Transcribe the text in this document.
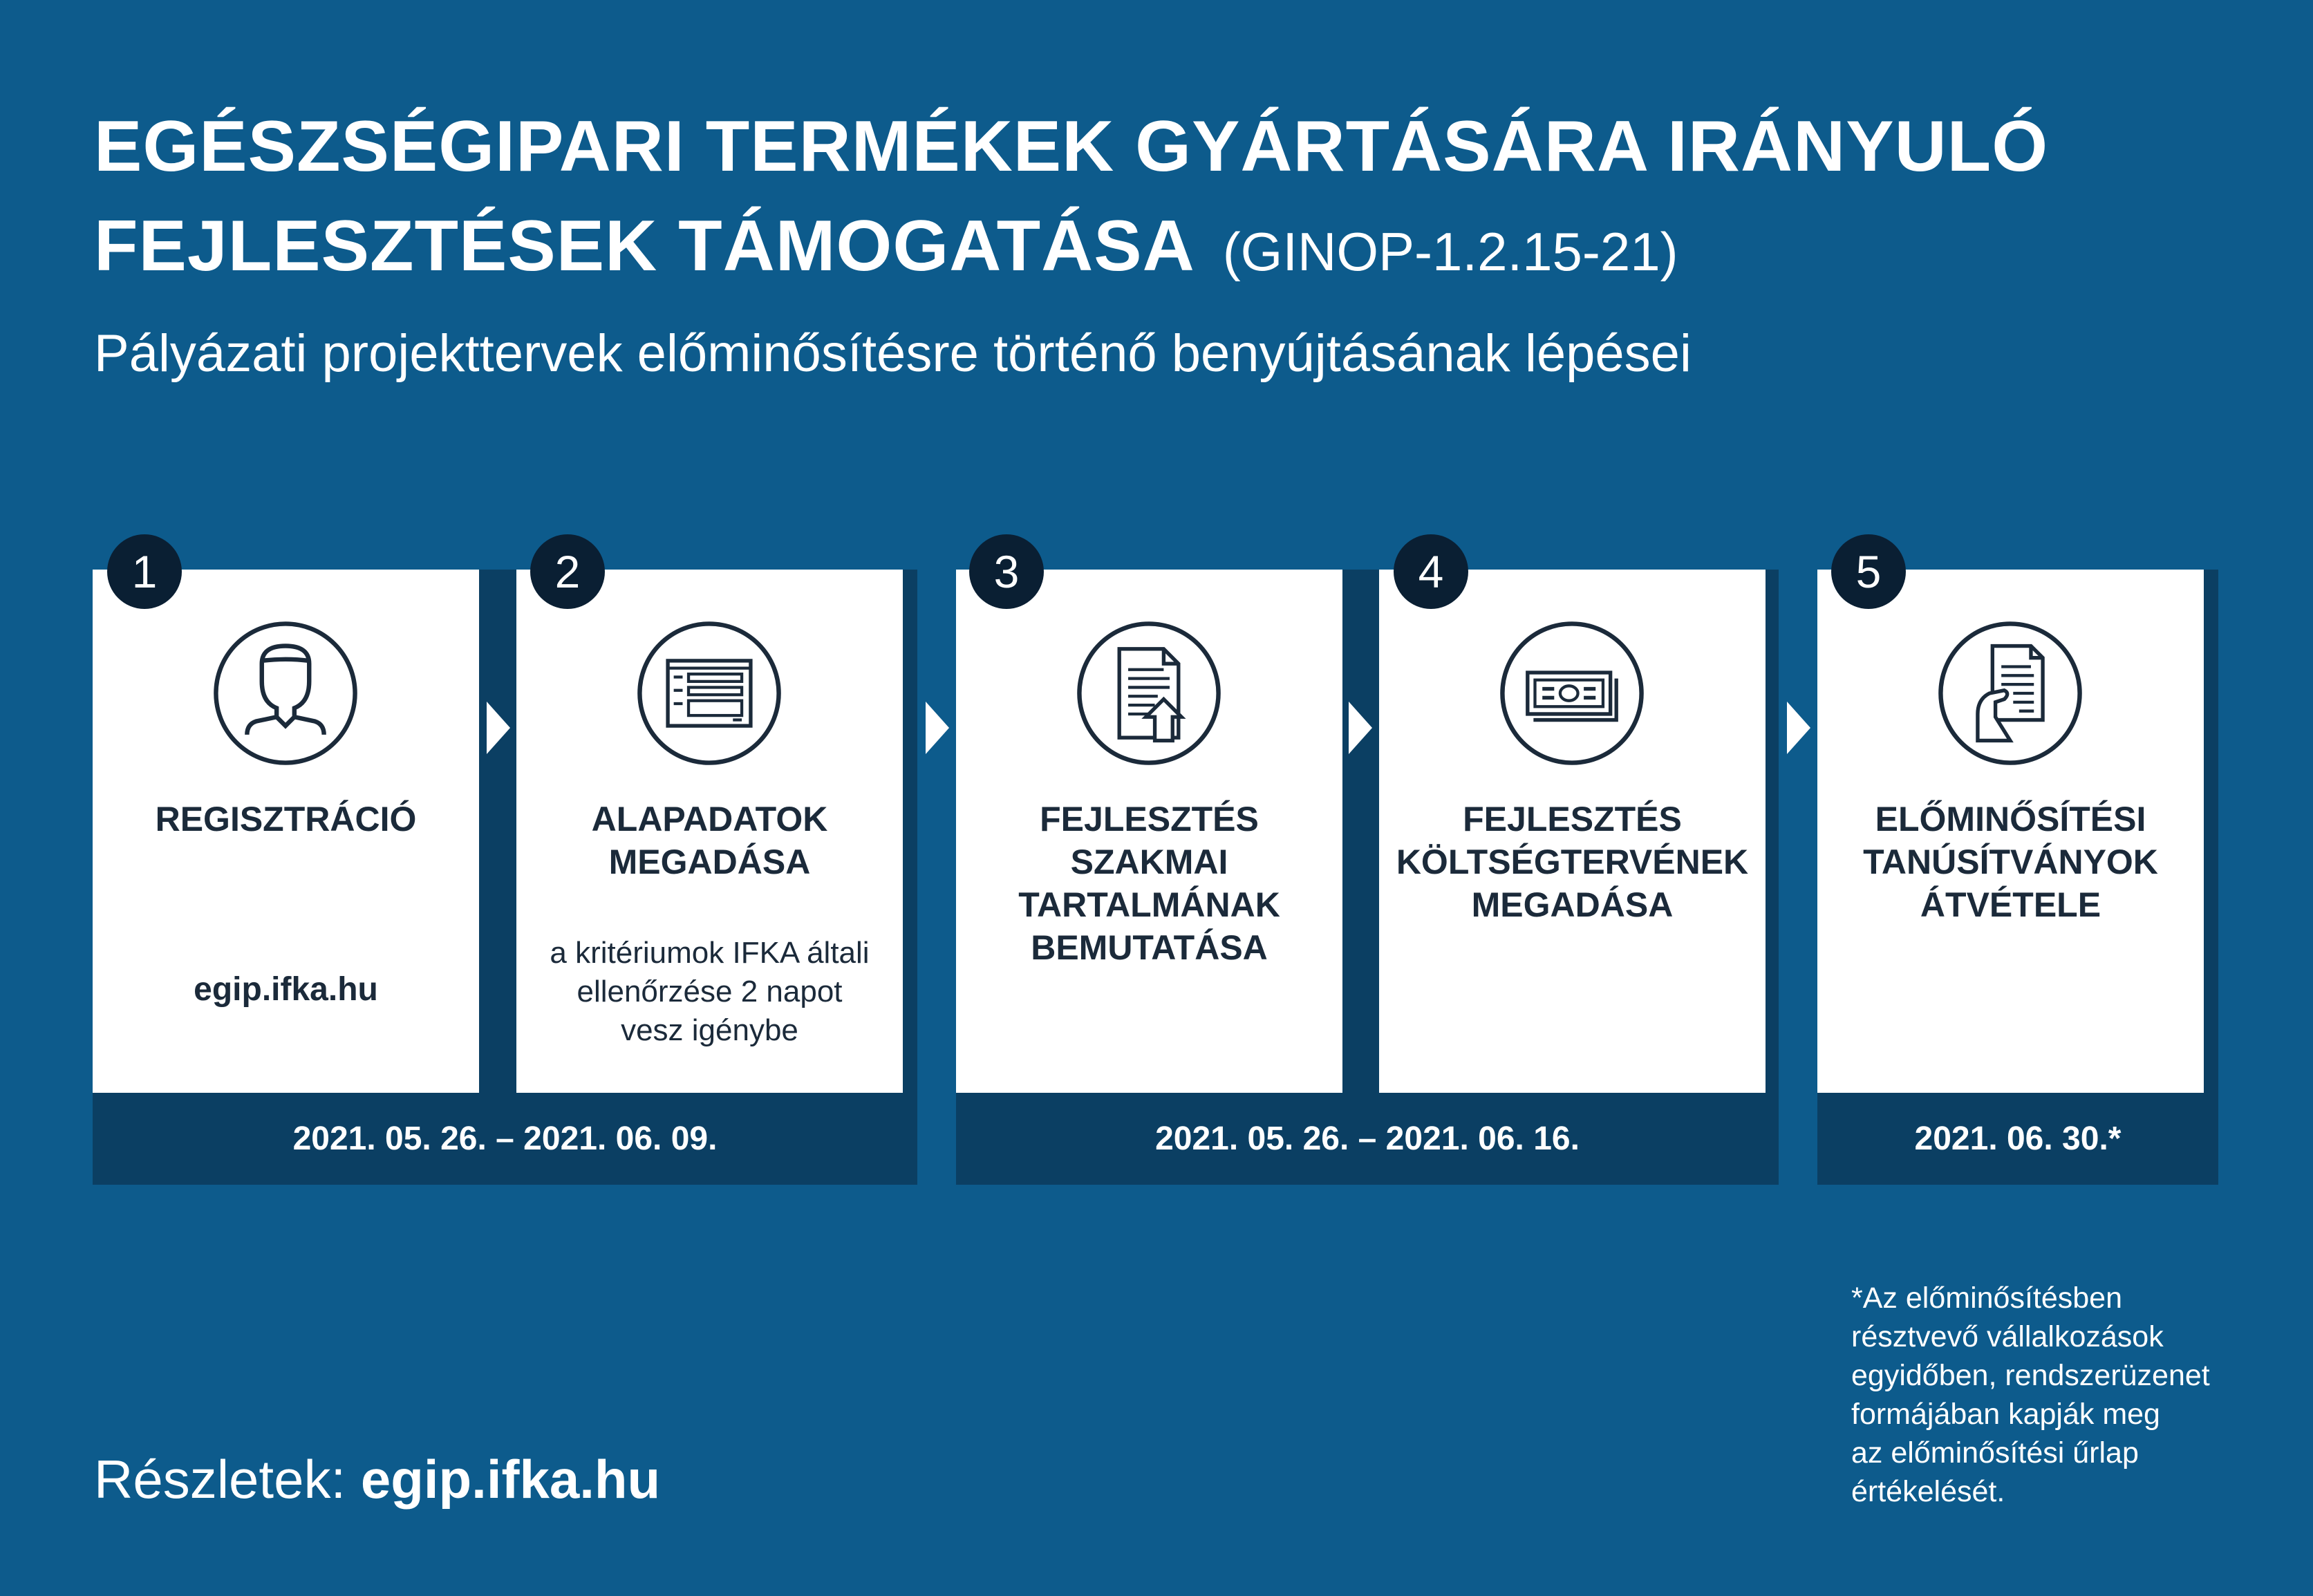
EGÉSZSÉGIPARI TERMÉKEK GYÁRTÁSÁRA IRÁNYULÓ
FEJLESZTÉSEK TÁMOGATÁSA (GINOP-1.2.15-21)
Pályázati projekttervek előminősítésre történő benyújtásának lépései
2021. 05. 26. – 2021. 06. 09.	2021. 05. 26. – 2021. 06. 16.	2021. 06. 30.*
REGISZTRÁCIÓ
egip.ifka.hu
ALAPADATOK
MEGADÁSA
a kritériumok IFKA általi
ellenőrzése 2 napot
vesz igénybe
FEJLESZTÉS
SZAKMAI
TARTALMÁNAK
BEMUTATÁSA
FEJLESZTÉS
KÖLTSÉGTERVÉNEK
MEGADÁSA
ELŐMINŐSÍTÉSI
TANÚSÍTVÁNYOK
ÁTVÉTELE
1	2	3	4	5
Részletek: egip.ifka.hu
*Az előminősítésben
résztvevő vállalkozások
egyidőben, rendszerüzenet
formájában kapják meg
az előminősítési űrlap
értékelését.
